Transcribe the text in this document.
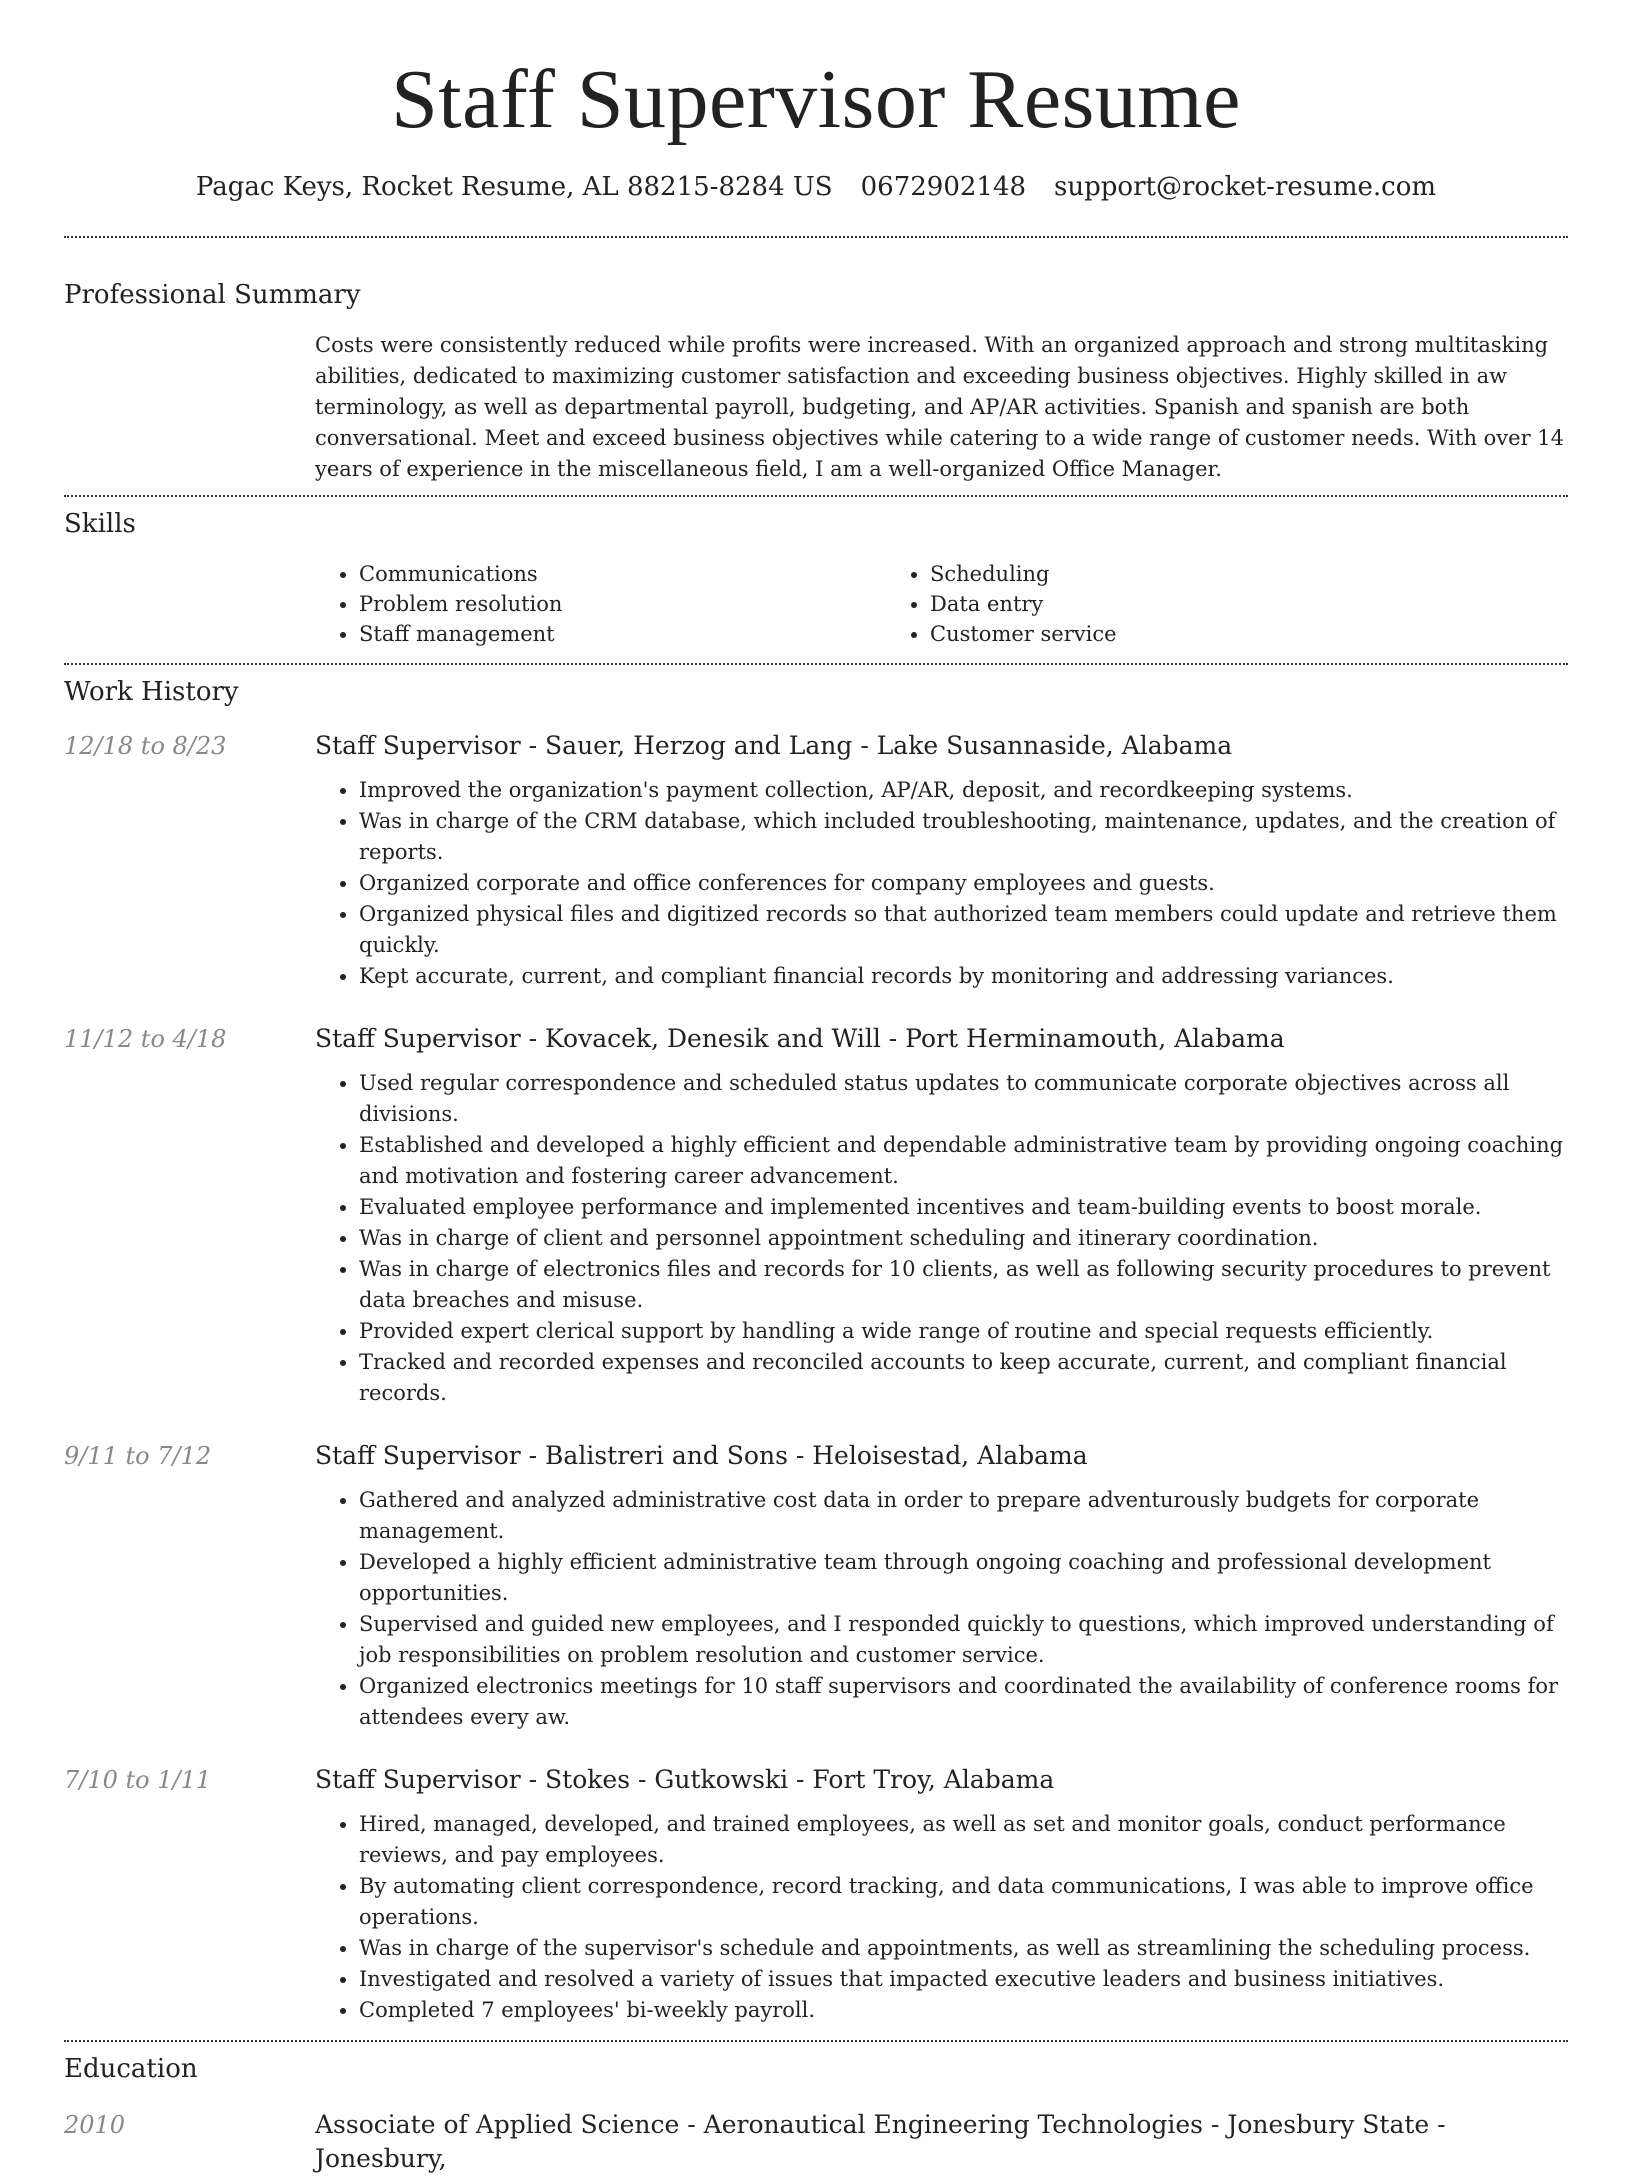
Staff Supervisor Resume
Pagac Keys, Rocket Resume, AL 88215-8284 US 0672902148 support@rocket-resume.com
Professional Summary

Costs were consistently reduced while profits were increased. With an organized approach and strong multitasking abilities, dedicated to maximizing customer satisfaction and exceeding business objectives. Highly skilled in aw terminology, as well as departmental payroll, budgeting, and AP/AR activities. Spanish and spanish are both conversational. Meet and exceed business objectives while catering to a wide range of customer needs. With over 14 years of experience in the miscellaneous field, I am a well-organized Office Manager.

Skills
• Communications
• Problem resolution
• Staff management
• Scheduling
• Data entry
• Customer service
Work History
12/18 to 8/23	Staff Supervisor - Sauer, Herzog and Lang - Lake Susannaside, Alabama
• Improved the organization's payment collection, AP/AR, deposit, and recordkeeping systems.
• Was in charge of the CRM database, which included troubleshooting, maintenance, updates, and the creation of reports.
• Organized corporate and office conferences for company employees and guests.
• Organized physical files and digitized records so that authorized team members could update and retrieve them quickly.
• Kept accurate, current, and compliant financial records by monitoring and addressing variances.
11/12 to 4/18	Staff Supervisor - Kovacek, Denesik and Will - Port Herminamouth, Alabama
• Used regular correspondence and scheduled status updates to communicate corporate objectives across all divisions.
• Established and developed a highly efficient and dependable administrative team by providing ongoing coaching and motivation and fostering career advancement.
• Evaluated employee performance and implemented incentives and team-building events to boost morale.
• Was in charge of client and personnel appointment scheduling and itinerary coordination.
• Was in charge of electronics files and records for 10 clients, as well as following security procedures to prevent data breaches and misuse.
• Provided expert clerical support by handling a wide range of routine and special requests efficiently.
• Tracked and recorded expenses and reconciled accounts to keep accurate, current, and compliant financial records.
9/11 to 7/12	Staff Supervisor - Balistreri and Sons - Heloisestad, Alabama
• Gathered and analyzed administrative cost data in order to prepare adventurously budgets for corporate management.
• Developed a highly efficient administrative team through ongoing coaching and professional development opportunities.
• Supervised and guided new employees, and I responded quickly to questions, which improved understanding of job responsibilities on problem resolution and customer service.
• Organized electronics meetings for 10 staff supervisors and coordinated the availability of conference rooms for attendees every aw.
7/10 to 1/11	Staff Supervisor - Stokes - Gutkowski - Fort Troy, Alabama
• Hired, managed, developed, and trained employees, as well as set and monitor goals, conduct performance reviews, and pay employees.
• By automating client correspondence, record tracking, and data communications, I was able to improve office operations.
• Was in charge of the supervisor's schedule and appointments, as well as streamlining the scheduling process.
• Investigated and resolved a variety of issues that impacted executive leaders and business initiatives.
• Completed 7 employees' bi-weekly payroll.
Education
2010	Associate of Applied Science - Aeronautical Engineering Technologies - Jonesbury State - Jonesbury,
